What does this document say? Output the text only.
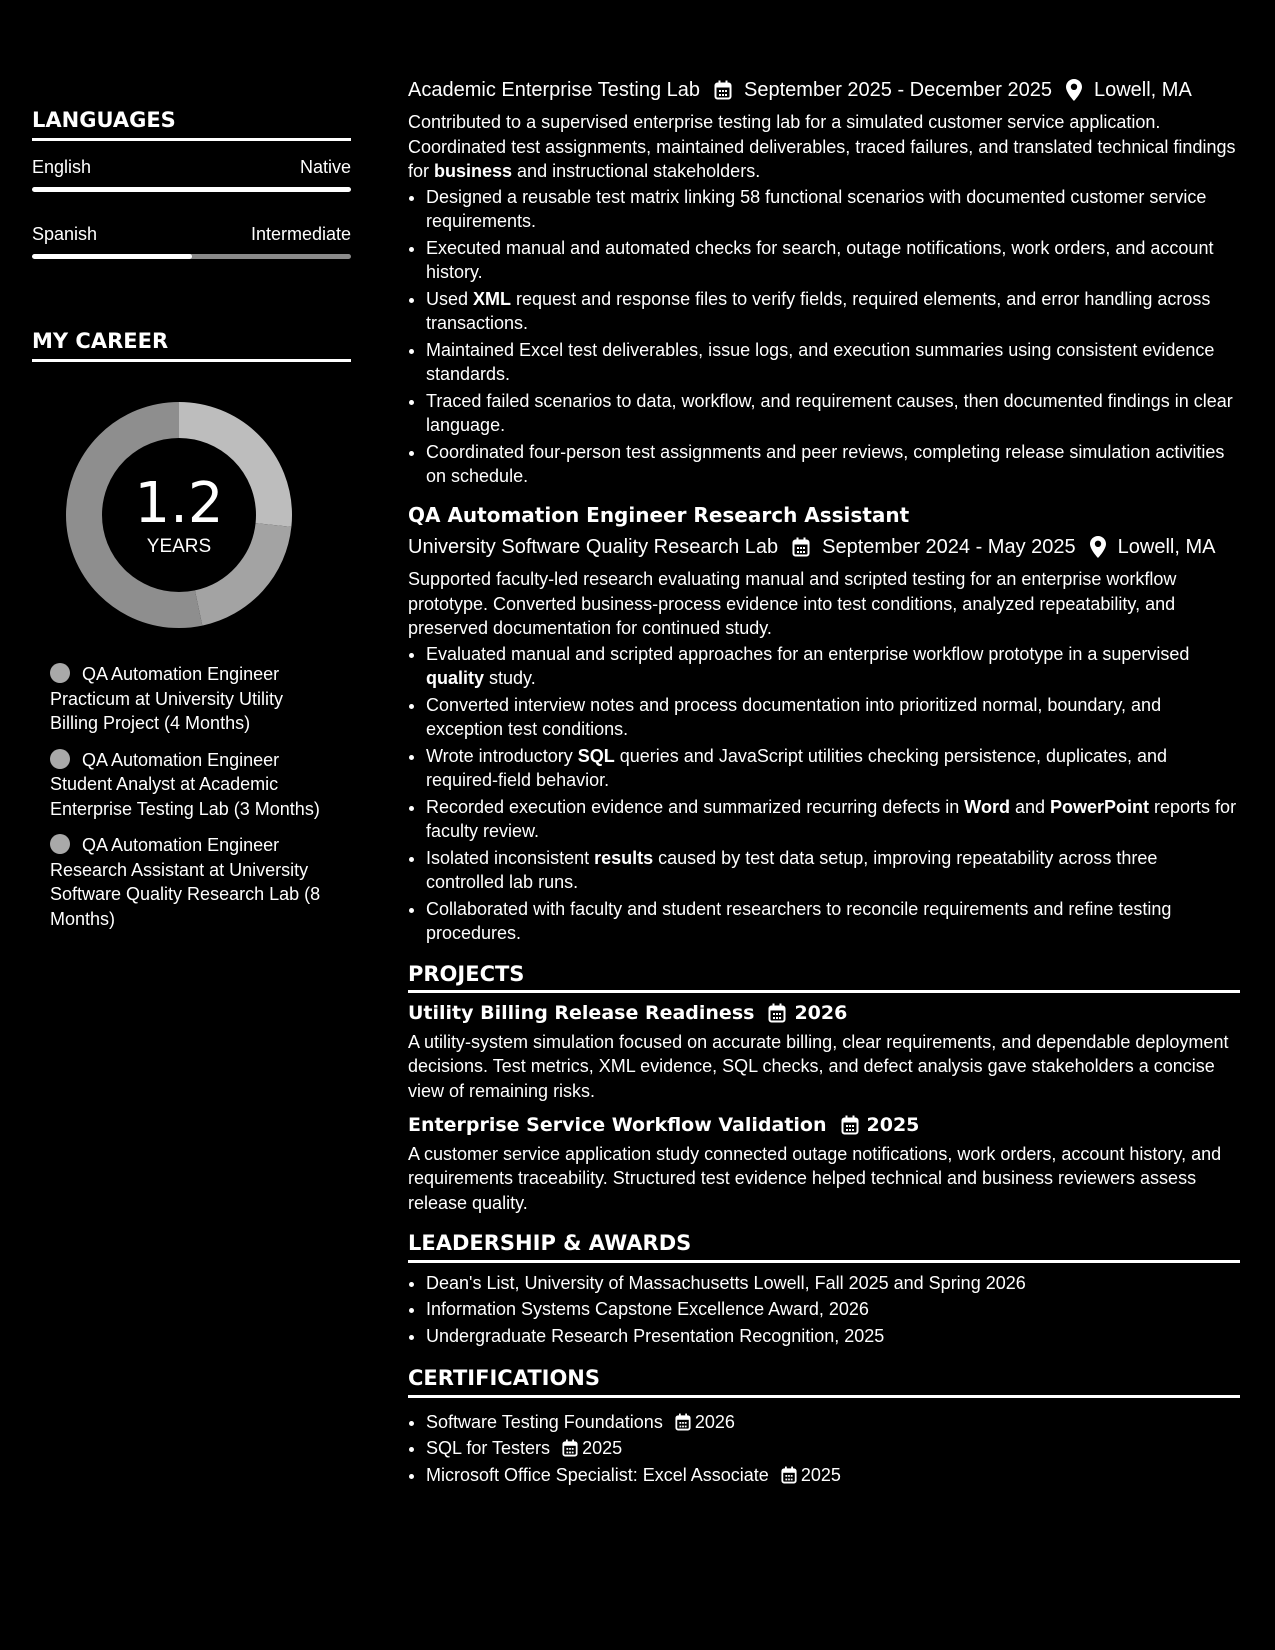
LANGUAGES
English	Native
Spanish	Intermediate
MY CAREER
1.2
YEARS
QA Automation Engineer Practicum at University Utility Billing Project (4 Months)
QA Automation Engineer Student Analyst at Academic Enterprise Testing Lab (3 Months)
QA Automation Engineer Research Assistant at University Software Quality Research Lab (8 Months)
Academic Enterprise Testing Lab September 2025 - December 2025 Lowell, MA

Contributed to a supervised enterprise testing lab for a simulated customer service application. Coordinated test assignments, maintained deliverables, traced failures, and translated technical findings for business and instructional stakeholders.

• Designed a reusable test matrix linking 58 functional scenarios with documented customer service requirements.
• Executed manual and automated checks for search, outage notifications, work orders, and account history.
• Used XML request and response files to verify fields, required elements, and error handling across transactions.
• Maintained Excel test deliverables, issue logs, and execution summaries using consistent evidence standards.
• Traced failed scenarios to data, workflow, and requirement causes, then documented findings in clear language.
• Coordinated four-person test assignments and peer reviews, completing release simulation activities on schedule.
QA Automation Engineer Research Assistant
University Software Quality Research Lab September 2024 - May 2025 Lowell, MA

Supported faculty-led research evaluating manual and scripted testing for an enterprise workflow prototype. Converted business-process evidence into test conditions, analyzed repeatability, and preserved documentation for continued study.

• Evaluated manual and scripted approaches for an enterprise workflow prototype in a supervised quality study.
• Converted interview notes and process documentation into prioritized normal, boundary, and exception test conditions.
• Wrote introductory SQL queries and JavaScript utilities checking persistence, duplicates, and required-field behavior.
• Recorded execution evidence and summarized recurring defects in Word and PowerPoint reports for faculty review.
• Isolated inconsistent results caused by test data setup, improving repeatability across three controlled lab runs.
• Collaborated with faculty and student researchers to reconcile requirements and refine testing procedures.
PROJECTS
Utility Billing Release Readiness 2026

A utility-system simulation focused on accurate billing, clear requirements, and dependable deployment decisions. Test metrics, XML evidence, SQL checks, and defect analysis gave stakeholders a concise view of remaining risks.

Enterprise Service Workflow Validation 2025

A customer service application study connected outage notifications, work orders, account history, and requirements traceability. Structured test evidence helped technical and business reviewers assess release quality.

LEADERSHIP & AWARDS
• Dean's List, University of Massachusetts Lowell, Fall 2025 and Spring 2026
• Information Systems Capstone Excellence Award, 2026
• Undergraduate Research Presentation Recognition, 2025
CERTIFICATIONS
• Software Testing Foundations 2026
• SQL for Testers 2025
• Microsoft Office Specialist: Excel Associate 2025
